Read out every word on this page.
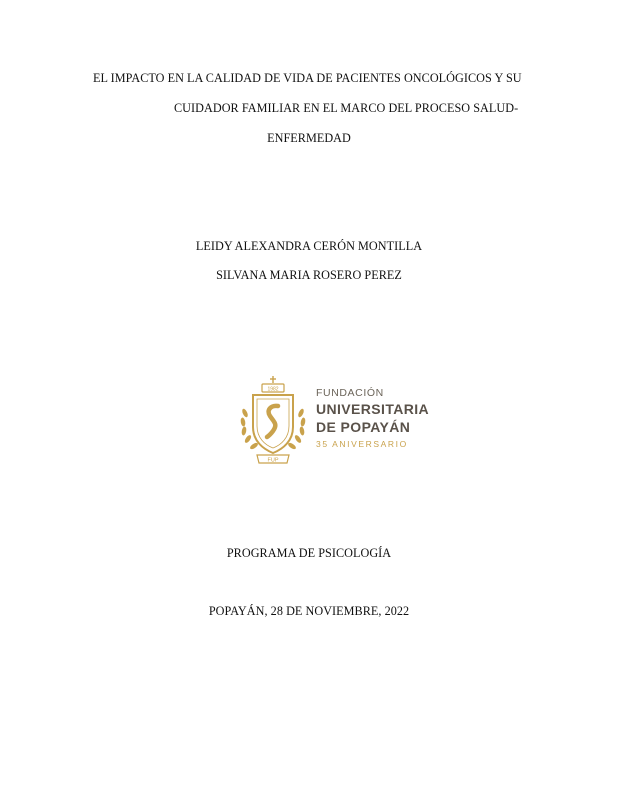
EL IMPACTO EN LA CALIDAD DE VIDA DE PACIENTES ONCOLÓGICOS Y SU
CUIDADOR FAMILIAR EN EL MARCO DEL PROCESO SALUD-
ENFERMEDAD
LEIDY ALEXANDRA CERÓN MONTILLA
SILVANA MARIA ROSERO PEREZ
1982
FUP
FUNDACIÓN
UNIVERSITARIA
DE POPAYÁN
35 ANIVERSARIO
PROGRAMA DE PSICOLOGÍA
POPAYÁN, 28 DE NOVIEMBRE, 2022
